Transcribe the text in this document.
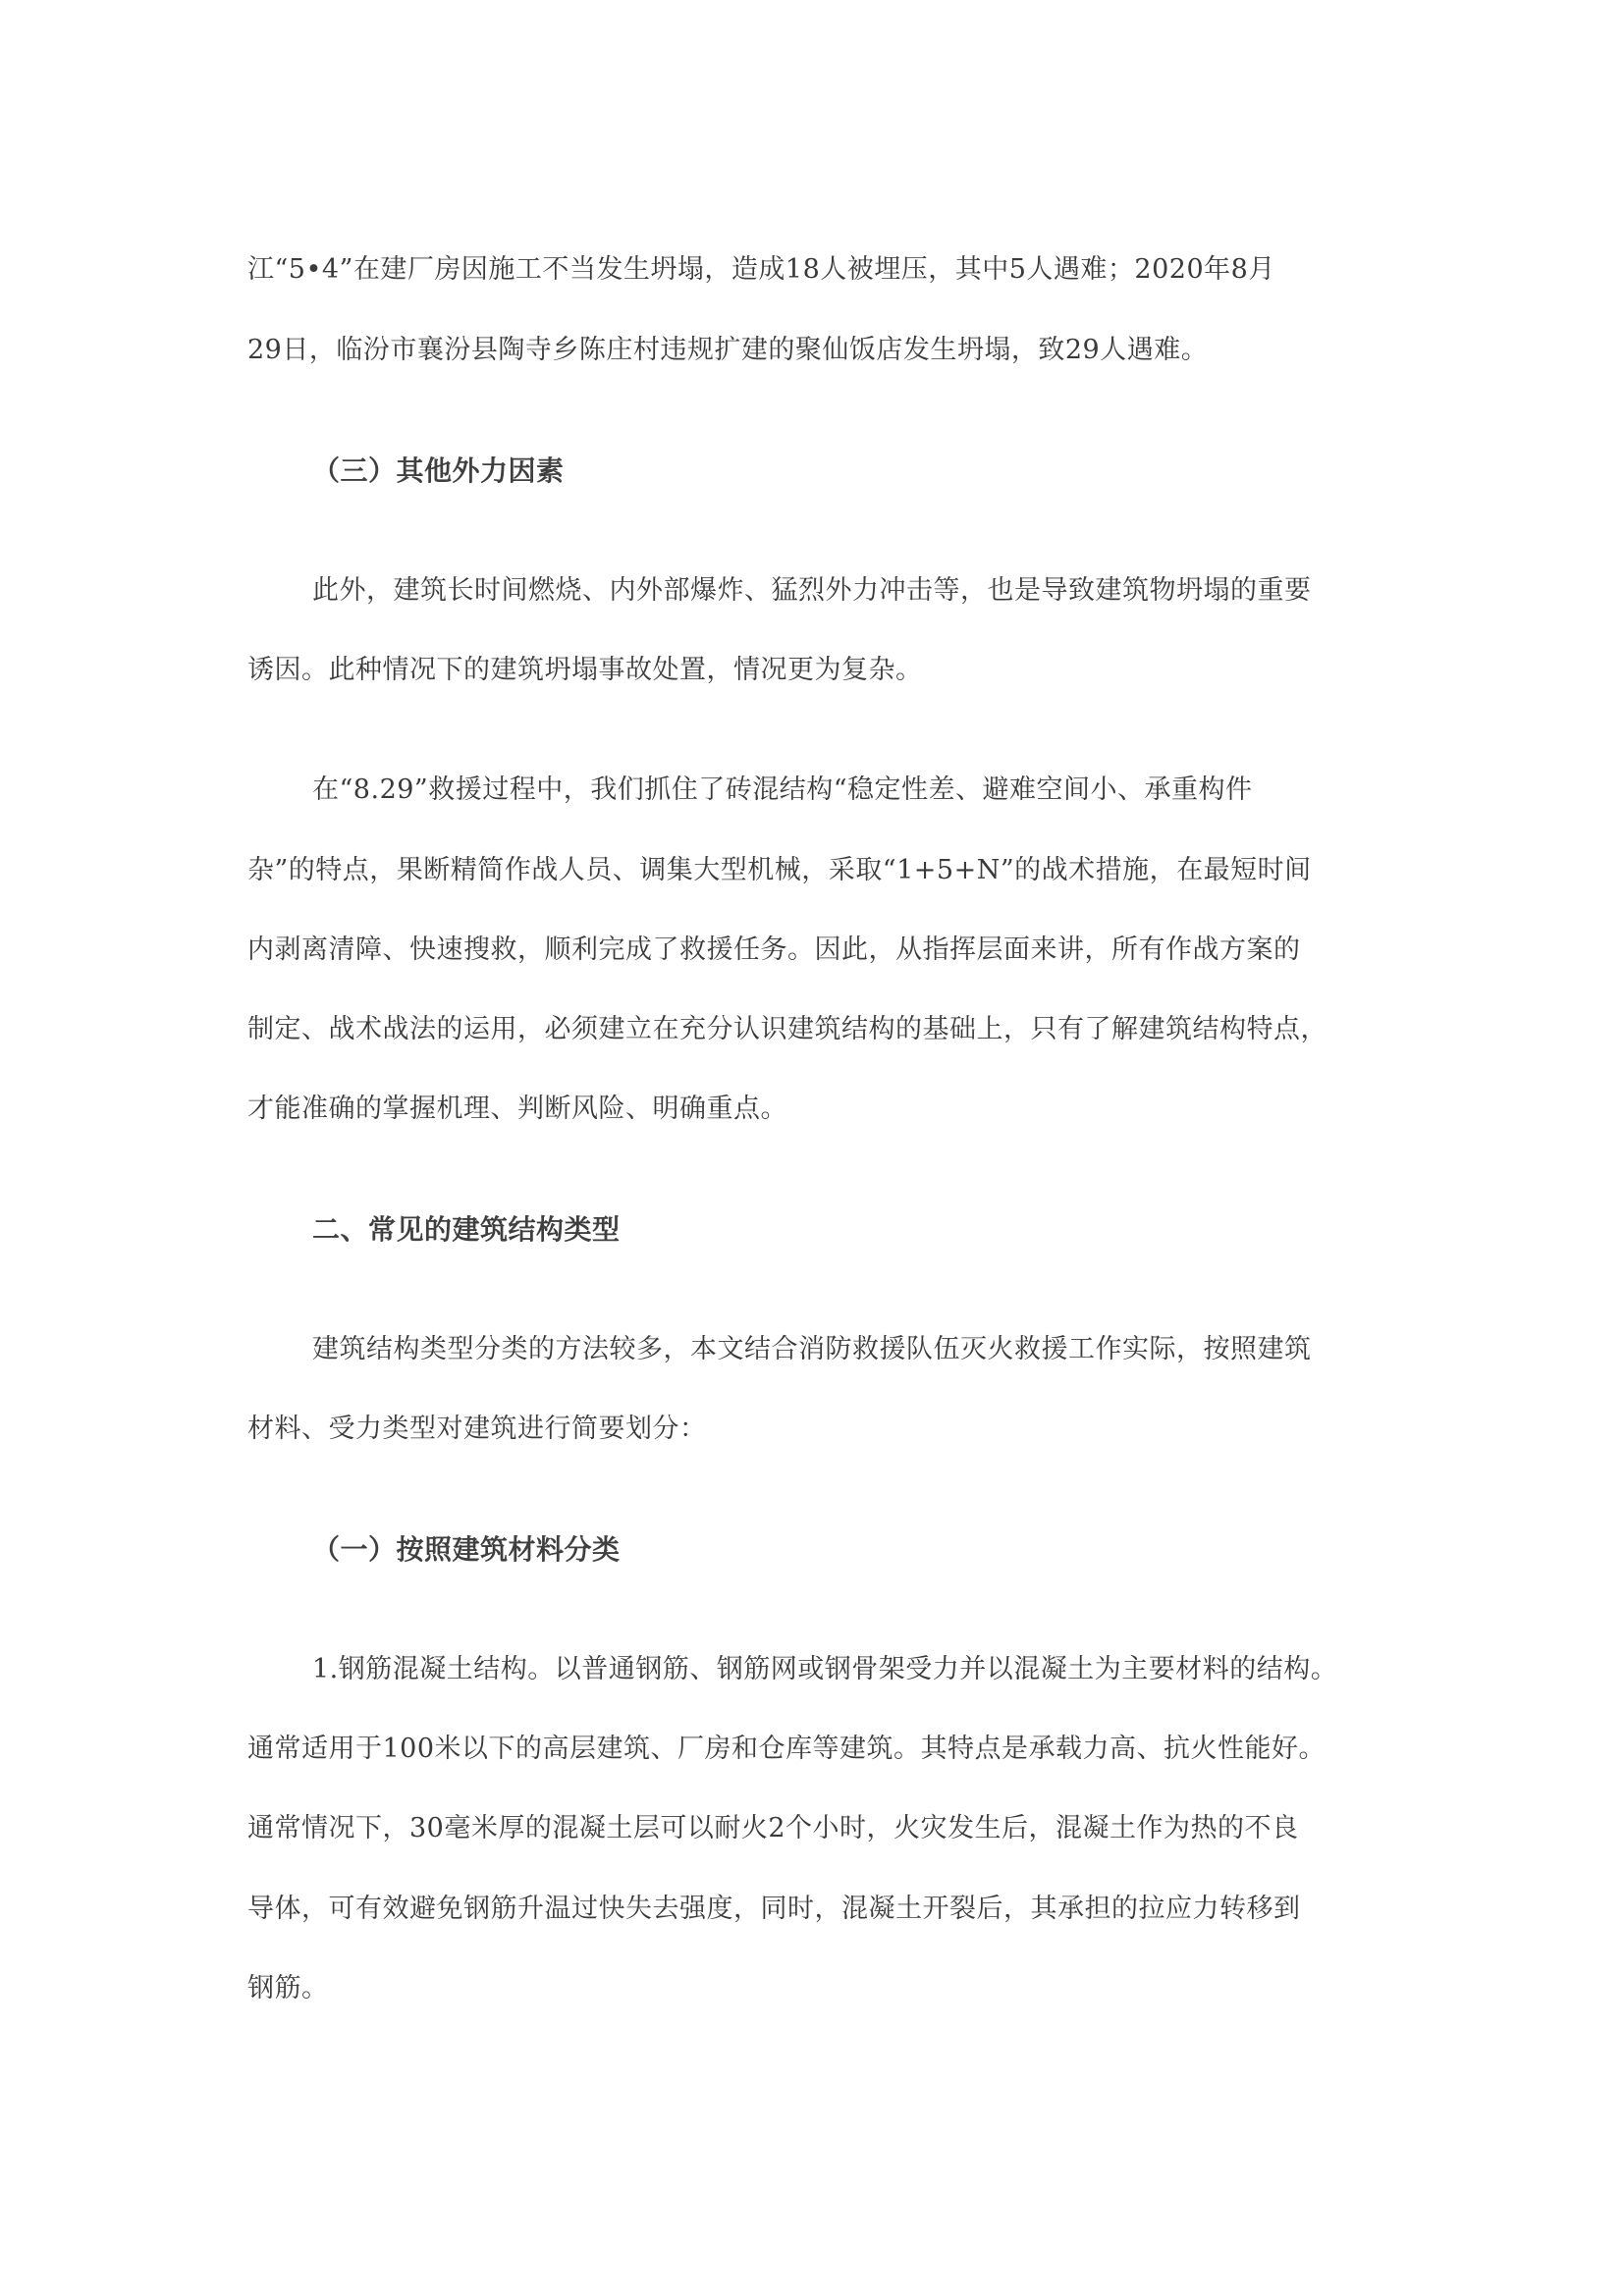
江“5•4”在建厂房因施工不当发生坍塌，造成18人被埋压，其中5人遇难；2020年8月
29日，临汾市襄汾县陶寺乡陈庄村违规扩建的聚仙饭店发生坍塌，致29人遇难。
（三）其他外力因素
此外，建筑长时间燃烧、内外部爆炸、猛烈外力冲击等，也是导致建筑物坍塌的重要
诱因。此种情况下的建筑坍塌事故处置，情况更为复杂。
在“8.29”救援过程中，我们抓住了砖混结构“稳定性差、避难空间小、承重构件
杂”的特点，果断精简作战人员、调集大型机械，采取“1+5+N”的战术措施，在最短时间
内剥离清障、快速搜救，顺利完成了救援任务。因此，从指挥层面来讲，所有作战方案的
制定、战术战法的运用，必须建立在充分认识建筑结构的基础上，只有了解建筑结构特点，
才能准确的掌握机理、判断风险、明确重点。
二、常见的建筑结构类型
建筑结构类型分类的方法较多，本文结合消防救援队伍灭火救援工作实际，按照建筑
材料、受力类型对建筑进行简要划分：
（一）按照建筑材料分类
1.钢筋混凝土结构。以普通钢筋、钢筋网或钢骨架受力并以混凝土为主要材料的结构。
通常适用于100米以下的高层建筑、厂房和仓库等建筑。其特点是承载力高、抗火性能好。
通常情况下，30毫米厚的混凝土层可以耐火2个小时，火灾发生后，混凝土作为热的不良
导体，可有效避免钢筋升温过快失去强度，同时，混凝土开裂后，其承担的拉应力转移到
钢筋。
